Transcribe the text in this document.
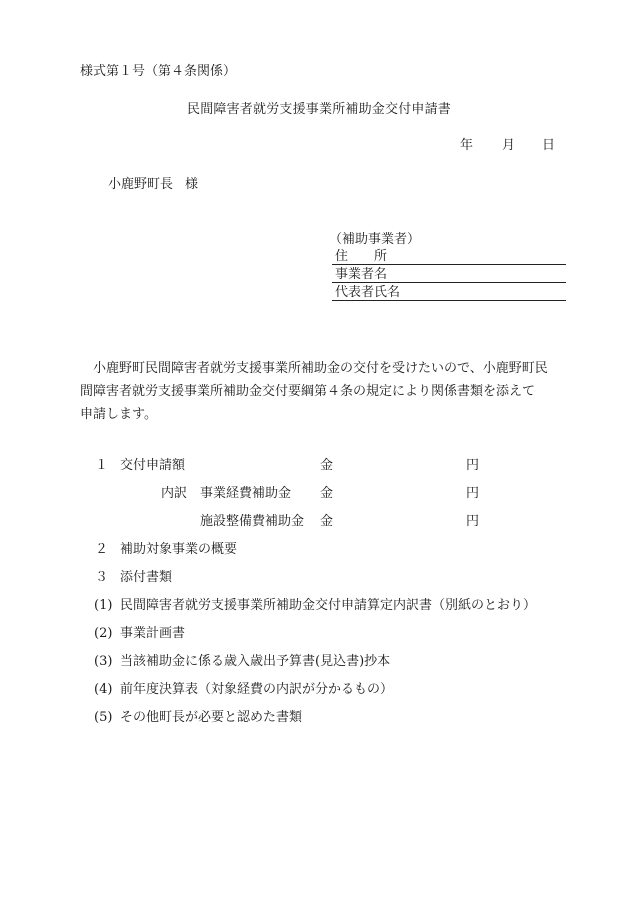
様式第１号（第４条関係）
民間障害者就労支援事業所補助金交付申請書
年 月 日
小鹿野町長 様
（補助事業者）
住　　所
事業者名
代表者氏名
　小鹿野町民間障害者就労支援事業所補助金の交付を受けたいので、小鹿野町民
間障害者就労支援事業所補助金交付要綱第４条の規定により関係書類を添えて
申請します。
１ 交付申請額	金	円
内訳 事業経費補助金 金	円
施設整備費補助金 金	円
２ 補助対象事業の概要
３ 添付書類
(1) 民間障害者就労支援事業所補助金交付申請算定内訳書（別紙のとおり）
(2) 事業計画書
(3) 当該補助金に係る歳入歳出予算書(見込書)抄本
(4) 前年度決算表（対象経費の内訳が分かるもの）
(5) その他町長が必要と認めた書類
